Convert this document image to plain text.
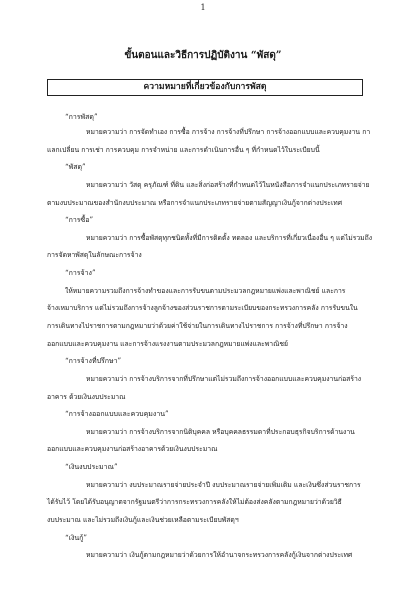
1
ขั้นตอนและวิธีการปฏิบัติงาน “พัสดุ”
ความหมายที่เกี่ยวข้องกับการพัสดุ
“การพัสดุ”
หมายความว่า การจัดทำเอง การซื้อ การจ้าง การจ้างที่ปรึกษา การจ้างออกแบบและควบคุมงาน กา
แลกเปลี่ยน การเช่า การควบคุม การจำหน่าย และการดำเนินการอื่น ๆ ที่กำหนดไว้ในระเบียบนี้
“พัสดุ”
หมายความว่า วัสดุ ครุภัณฑ์ ที่ดิน และสิ่งก่อสร้างที่กำหนดไว้ในหนังสือการจำแนกประเภทรายจ่าย
ตามงบประมาณของสำนักงบประมาณ หรือการจำแนกประเภทรายจ่ายตามสัญญาเงินกู้จากต่างประเทศ
“การซื้อ”
หมายความว่า การซื้อพัสดุทุกชนิดทั้งที่มีการติดตั้ง ทดลอง และบริการที่เกี่ยวเนื่องอื่น ๆ แต่ไม่รวมถึง
การจัดหาพัสดุในลักษณะการจ้าง
“การจ้าง”
ให้หมายความรวมถึงการจ้างทำของและการรับขนตามประมวลกฎหมายแพ่งและพาณิชย์ และการ
จ้างเหมาบริการ แต่ไม่รวมถึงการจ้างลูกจ้างของส่วนราชการตามระเบียบของกระทรวงการคลัง การรับขนใน
การเดินทางไปราชการตามกฎหมายว่าด้วยค่าใช้จ่ายในการเดินทางไปราชการ การจ้างที่ปรึกษา การจ้าง
ออกแบบและควบคุมงาน และการจ้างแรงงานตามประมวลกฎหมายแพ่งและพาณิชย์
“การจ้างที่ปรึกษา”
หมายความว่า การจ้างบริการจากที่ปรึกษาแต่ไม่รวมถึงการจ้างออกแบบและควบคุมงานก่อสร้าง
อาคาร ด้วยเงินงบประมาณ
“การจ้างออกแบบและควบคุมงาน”
หมายความว่า การจ้างบริการจากนิติบุคคล หรือบุคคลธรรมดาที่ประกอบธุรกิจบริการด้านงาน
ออกแบบและควบคุมงานก่อสร้างอาคารด้วยเงินงบประมาณ
“เงินงบประมาณ”
หมายความว่า งบประมาณรายจ่ายประจำปี งบประมาณรายจ่ายเพิ่มเติม และเงินซึ่งส่วนราชการ
ได้รับไว้ โดยได้รับอนุญาตจากรัฐมนตรีว่าการกระทรวงการคลังให้ไม่ต้องส่งคลังตามกฎหมายว่าด้วยวิธี
งบประมาณ และไม่รวมถึงเงินกู้และเงินช่วยเหลือตามระเบียบพัสดุฯ
“เงินกู้”
หมายความว่า เงินกู้ตามกฎหมายว่าด้วยการให้อำนาจกระทรวงการคลังกู้เงินจากต่างประเทศ
